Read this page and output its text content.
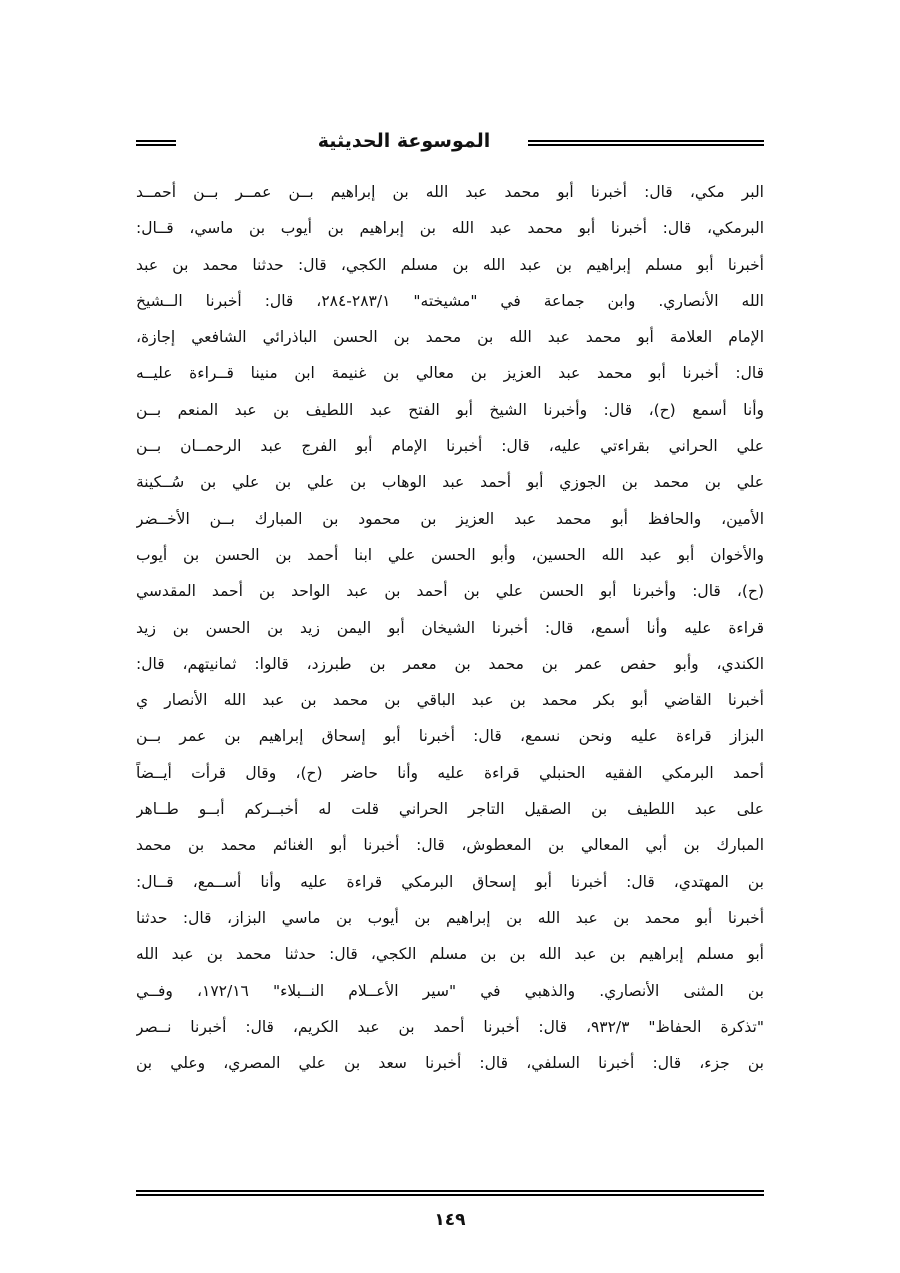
الموسوعة الحديثية
البر مكي، قال: أخبرنا أبو محمد عبد الله بن إبراهيم بــن عمــر بــن أحمــد
البرمكي، قال: أخبرنا أبو محمد عبد الله بن إبراهيم بن أيوب بن ماسي، قــال:
أخبرنا أبو مسلم إبراهيم بن عبد الله بن مسلم الكجي، قال: حدثنا محمد بن عبد
الله الأنصاري. وابن جماعة في "مشيخته" ٢٨٣/١-٢٨٤، قال: أخبرنا الــشيخ
الإمام العلامة أبو محمد عبد الله بن محمد بن الحسن الباذرائي الشافعي إجازة،
قال: أخبرنا أبو محمد عبد العزيز بن معالي بن غنيمة ابن منينا قــراءة عليــه
وأنا أسمع (ح)، قال: وأخبرنا الشيخ أبو الفتح عبد اللطيف بن عبد المنعم بــن
علي الحراني بقراءتي عليه، قال: أخبرنا الإمام أبو الفرج عبد الرحمــان بــن
علي بن محمد بن الجوزي أبو أحمد عبد الوهاب بن علي بن علي بن سُــكينة
الأمين، والحافظ أبو محمد عبد العزيز بن محمود بن المبارك بــن الأخــضر
والأخوان أبو عبد الله الحسين، وأبو الحسن علي ابنا أحمد بن الحسن بن أيوب
(ح)، قال: وأخبرنا أبو الحسن علي بن أحمد بن عبد الواحد بن أحمد المقدسي
قراءة عليه وأنا أسمع، قال: أخبرنا الشيخان أبو اليمن زيد بن الحسن بن زيد
الكندي، وأبو حفص عمر بن محمد بن معمر بن طبرزد، قالوا: ثمانيتهم، قال:
أخبرنا القاضي أبو بكر محمد بن عبد الباقي بن محمد بن عبد الله الأنصار ي
البزاز قراءة عليه ونحن نسمع، قال: أخبرنا أبو إسحاق إبراهيم بن عمر بــن
أحمد البرمكي الفقيه الحنبلي قراءة عليه وأنا حاضر (ح)، وقال قرأت أيــضاً
على عبد اللطيف بن الصقيل التاجر الحراني قلت له أخبــركم أبــو طــاهر
المبارك بن أبي المعالي بن المعطوش، قال: أخبرنا أبو الغنائم محمد بن محمد
بن المهتدي، قال: أخبرنا أبو إسحاق البرمكي قراءة عليه وأنا أســمع، قــال:
أخبرنا أبو محمد بن عبد الله بن إبراهيم بن أيوب بن ماسي البزاز، قال: حدثنا
أبو مسلم إبراهيم بن عبد الله بن بن مسلم الكجي، قال: حدثنا محمد بن عبد الله
بن المثنى الأنصاري. والذهبي في "سير الأعــلام النــبلاء" ١٧٢/١٦، وفــي
"تذكرة الحفاظ" ٩٣٢/٣، قال: أخبرنا أحمد بن عبد الكريم، قال: أخبرنا نــصر
بن جزء، قال: أخبرنا السلفي، قال: أخبرنا سعد بن علي المصري، وعلي بن
١٤٩
